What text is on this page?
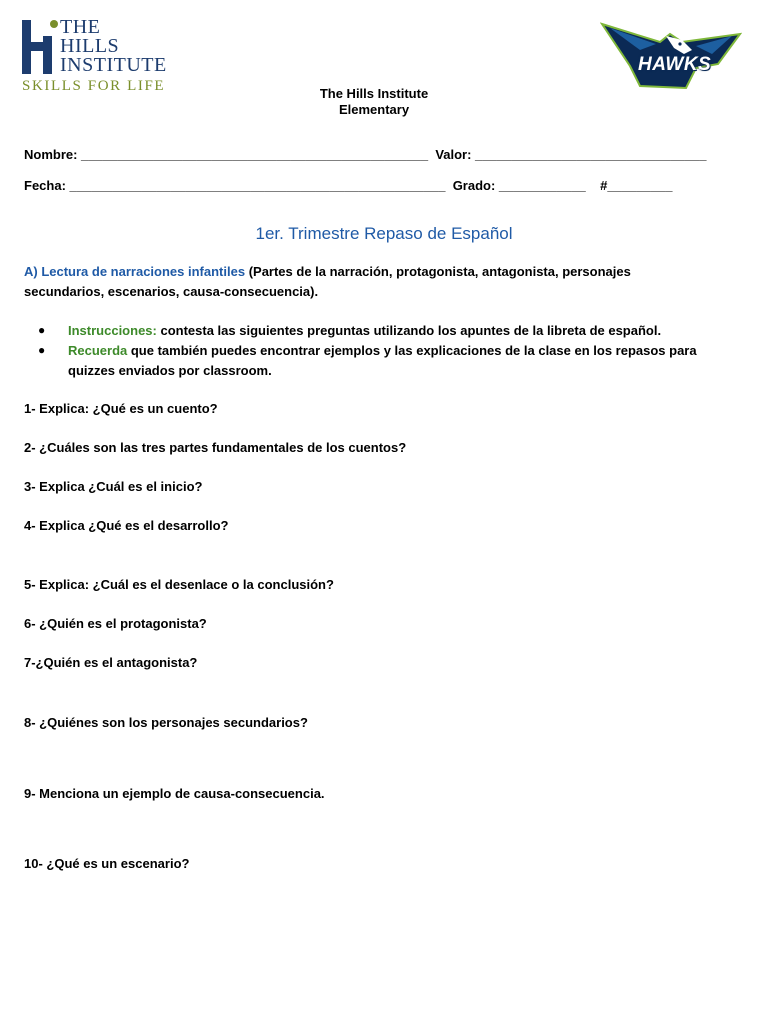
THE
HILLS
INSTITUTE
SKILLS FOR LIFE
HAWKS
The Hills Institute
Elementary
Nombre: ________________________________________________  Valor: ________________________________
Fecha: ____________________________________________________  Grado: ____________    #_________
1er. Trimestre Repaso de Español
A) Lectura de narraciones infantiles (Partes de la narración, protagonista, antagonista, personajes secundarios, escenarios, causa-consecuencia).
● Instrucciones: contesta las siguientes preguntas utilizando los apuntes de la libreta de español.
● Recuerda que también puedes encontrar ejemplos y las explicaciones de la clase en los repasos para quizzes enviados por classroom.
1- Explica: ¿Qué es un cuento?
2- ¿Cuáles son las tres partes fundamentales de los cuentos?
3- Explica ¿Cuál es el inicio?
4- Explica ¿Qué es el desarrollo?
5- Explica: ¿Cuál es el desenlace o la conclusión?
6- ¿Quién es el protagonista?
7-¿Quién es el antagonista?
8- ¿Quiénes son los personajes secundarios?
9- Menciona un ejemplo de causa-consecuencia.
10- ¿Qué es un escenario?
